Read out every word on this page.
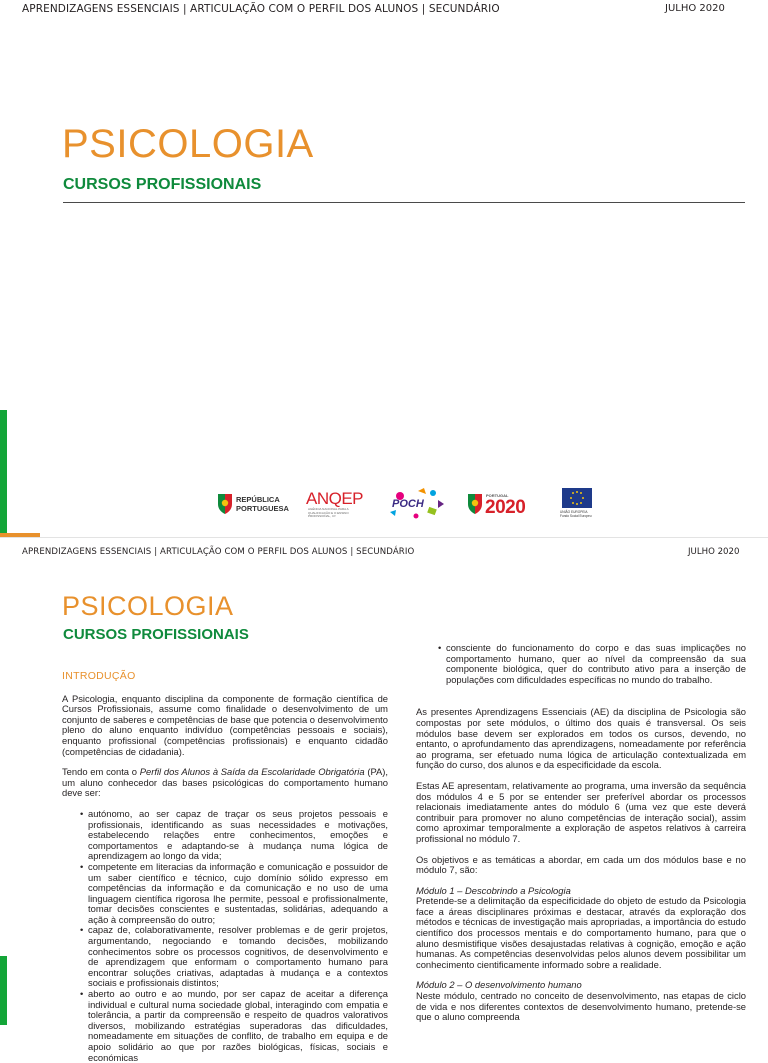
APRENDIZAGENS ESSENCIAIS | ARTICULAÇÃO COM O PERFIL DOS ALUNOS | SECUNDÁRIO	JULHO 2020
PSICOLOGIA
CURSOS PROFISSIONAIS
REPÚBLICA
PORTUGUESA
ANQEP
AGÊNCIA NACIONAL PARA A QUALIFICAÇÃO E O ENSINO PROFISSIONAL, I.P.
POCH
PORTUGAL
2020	UNIÃO EUROPEIA
Fundo Social Europeu
APRENDIZAGENS ESSENCIAIS | ARTICULAÇÃO COM O PERFIL DOS ALUNOS | SECUNDÁRIO	JULHO 2020
PSICOLOGIA
CURSOS PROFISSIONAIS
INTRODUÇÃO

A Psicologia, enquanto disciplina da componente de formação científica de Cursos Profissionais, assume como finalidade o desenvolvimento de um conjunto de saberes e competências de base que potencia o desenvolvimento pleno do aluno enquanto indivíduo (competências pessoais e sociais), enquanto profissional (competências profissionais) e enquanto cidadão (competências de cidadania).

Tendo em conta o Perfil dos Alunos à Saída da Escolaridade Obrigatória (PA), um aluno conhecedor das bases psicológicas do comportamento humano deve ser:

• autónomo, ao ser capaz de traçar os seus projetos pessoais e profissionais, identificando as suas necessidades e motivações, estabelecendo relações entre conhecimentos, emoções e comportamentos e adaptando-se à mudança numa lógica de aprendizagem ao longo da vida;
• competente em literacias da informação e comunicação e possuidor de um saber científico e técnico, cujo domínio sólido expresso em competências da informação e da comunicação e no uso de uma linguagem científica rigorosa lhe permite, pessoal e profissionalmente, tomar decisões conscientes e sustentadas, solidárias, adequando a ação à compreensão do outro;
• capaz de, colaborativamente, resolver problemas e de gerir projetos, argumentando, negociando e tomando decisões, mobilizando conhecimentos sobre os processos cognitivos, de desenvolvimento e de aprendizagem que enformam o comportamento humano para encontrar soluções criativas, adaptadas à mudança e a contextos sociais e profissionais distintos;
• aberto ao outro e ao mundo, por ser capaz de aceitar a diferença individual e cultural numa sociedade global, interagindo com empatia e tolerância, a partir da compreensão e respeito de quadros valorativos diversos, mobilizando estratégias superadoras das dificuldades, nomeadamente em situações de conflito, de trabalho em equipa e de apoio solidário ao que por razões biológicas, físicas, sociais e económicas
• consciente do funcionamento do corpo e das suas implicações no comportamento humano, quer ao nível da compreensão da sua componente biológica, quer do contributo ativo para a inserção de populações com dificuldades específicas no mundo do trabalho.

As presentes Aprendizagens Essenciais (AE) da disciplina de Psicologia são compostas por sete módulos, o último dos quais é transversal. Os seis módulos base devem ser explorados em todos os cursos, devendo, no entanto, o aprofundamento das aprendizagens, nomeadamente por referência ao programa, ser efetuado numa lógica de articulação contextualizada em função do curso, dos alunos e da especificidade da escola.

Estas AE apresentam, relativamente ao programa, uma inversão da sequência dos módulos 4 e 5 por se entender ser preferível abordar os processos relacionais imediatamente antes do módulo 6 (uma vez que este deverá contribuir para promover no aluno competências de interação social), assim como aproximar temporalmente a exploração de aspetos relativos à carreira profissional no módulo 7.

Os objetivos e as temáticas a abordar, em cada um dos módulos base e no módulo 7, são:

Módulo 1 – Descobrindo a Psicologia

Pretende-se a delimitação da especificidade do objeto de estudo da Psicologia face a áreas disciplinares próximas e destacar, através da exploração dos métodos e técnicas de investigação mais apropriadas, a importância do estudo científico dos processos mentais e do comportamento humano, para que o aluno desmistifique visões desajustadas relativas à cognição, emoção e ação humanas. As competências desenvolvidas pelos alunos devem possibilitar um conhecimento cientificamente informado sobre a realidade.

Módulo 2 – O desenvolvimento humano

Neste módulo, centrado no conceito de desenvolvimento, nas etapas de ciclo de vida e nos diferentes contextos de desenvolvimento humano, pretende-se que o aluno compreenda
